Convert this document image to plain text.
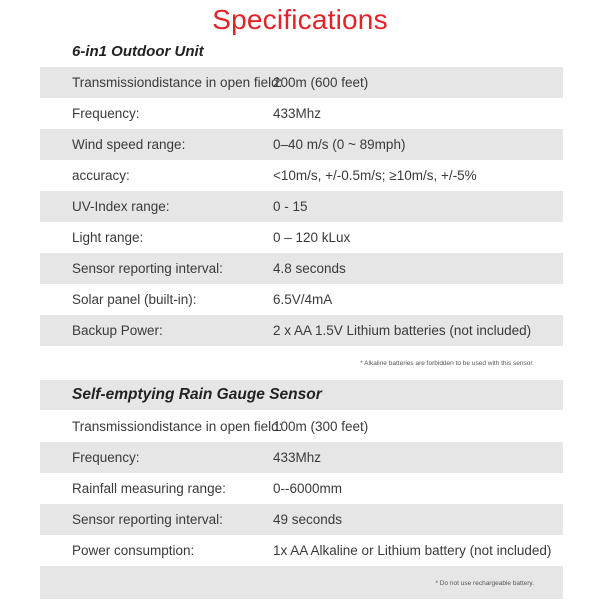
Specifications
6-in1 Outdoor Unit
Transmissiondistance in open field:
200m (600 feet)
Frequency:	433Mhz
Wind speed range:	0–40 m/s (0 ~ 89mph)
accuracy:	<10m/s, +/-0.5m/s; ≥10m/s, +/-5%
UV-Index range:	0 - 15
Light range:	0 – 120 kLux
Sensor reporting interval:	4.8 seconds
Solar panel (built-in):	6.5V/4mA
Backup Power:	2 x AA 1.5V Lithium batteries (not included)
* Alkaline batteries are forbidden to be used with this sensor.
Self-emptying Rain Gauge Sensor
Transmissiondistance in open field:
100m (300 feet)
Frequency:	433Mhz
Rainfall measuring range:	0--6000mm
Sensor reporting interval:	49 seconds
Power consumption:	1x AA Alkaline or Lithium battery (not included)
* Do not use rechargeable battery.
